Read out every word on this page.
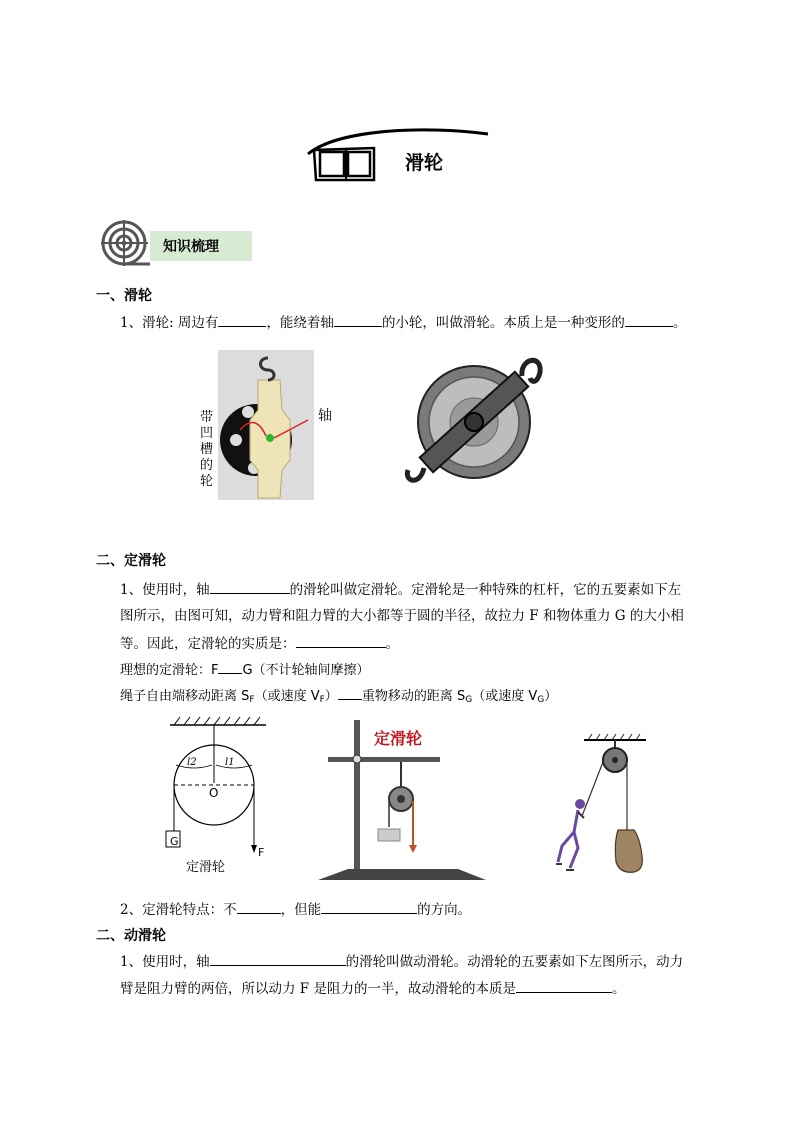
滑轮
知识梳理
一、滑轮
1、滑轮: 周边有	，能绕着轴	的小轮，叫做滑轮。本质上是一种变形的	。
带凹槽的轮
轴
二、定滑轮
1、使用时，轴	的滑轮叫做定滑轮。定滑轮是一种特殊的杠杆，它的五要素如下左
图所示，由图可知，动力臂和阻力臂的大小都等于圆的半径，故拉力 F 和物体重力 G 的大小相
等。因此，定滑轮的实质是：	。
理想的定滑轮：F G（不计轮轴间摩擦）
绳子自由端移动距离 $S_F$（或速度 $V_F$） 重物移动的距离 $S_G$（或速度 $V_G$）
l2	l1
O
G
F
定滑轮
定滑轮
2、定滑轮特点：不	，但能	的方向。
二、动滑轮
1、使用时，轴	的滑轮叫做动滑轮。动滑轮的五要素如下左图所示，动力
臂是阻力臂的两倍，所以动力 F 是阻力的一半，故动滑轮的本质是	。
